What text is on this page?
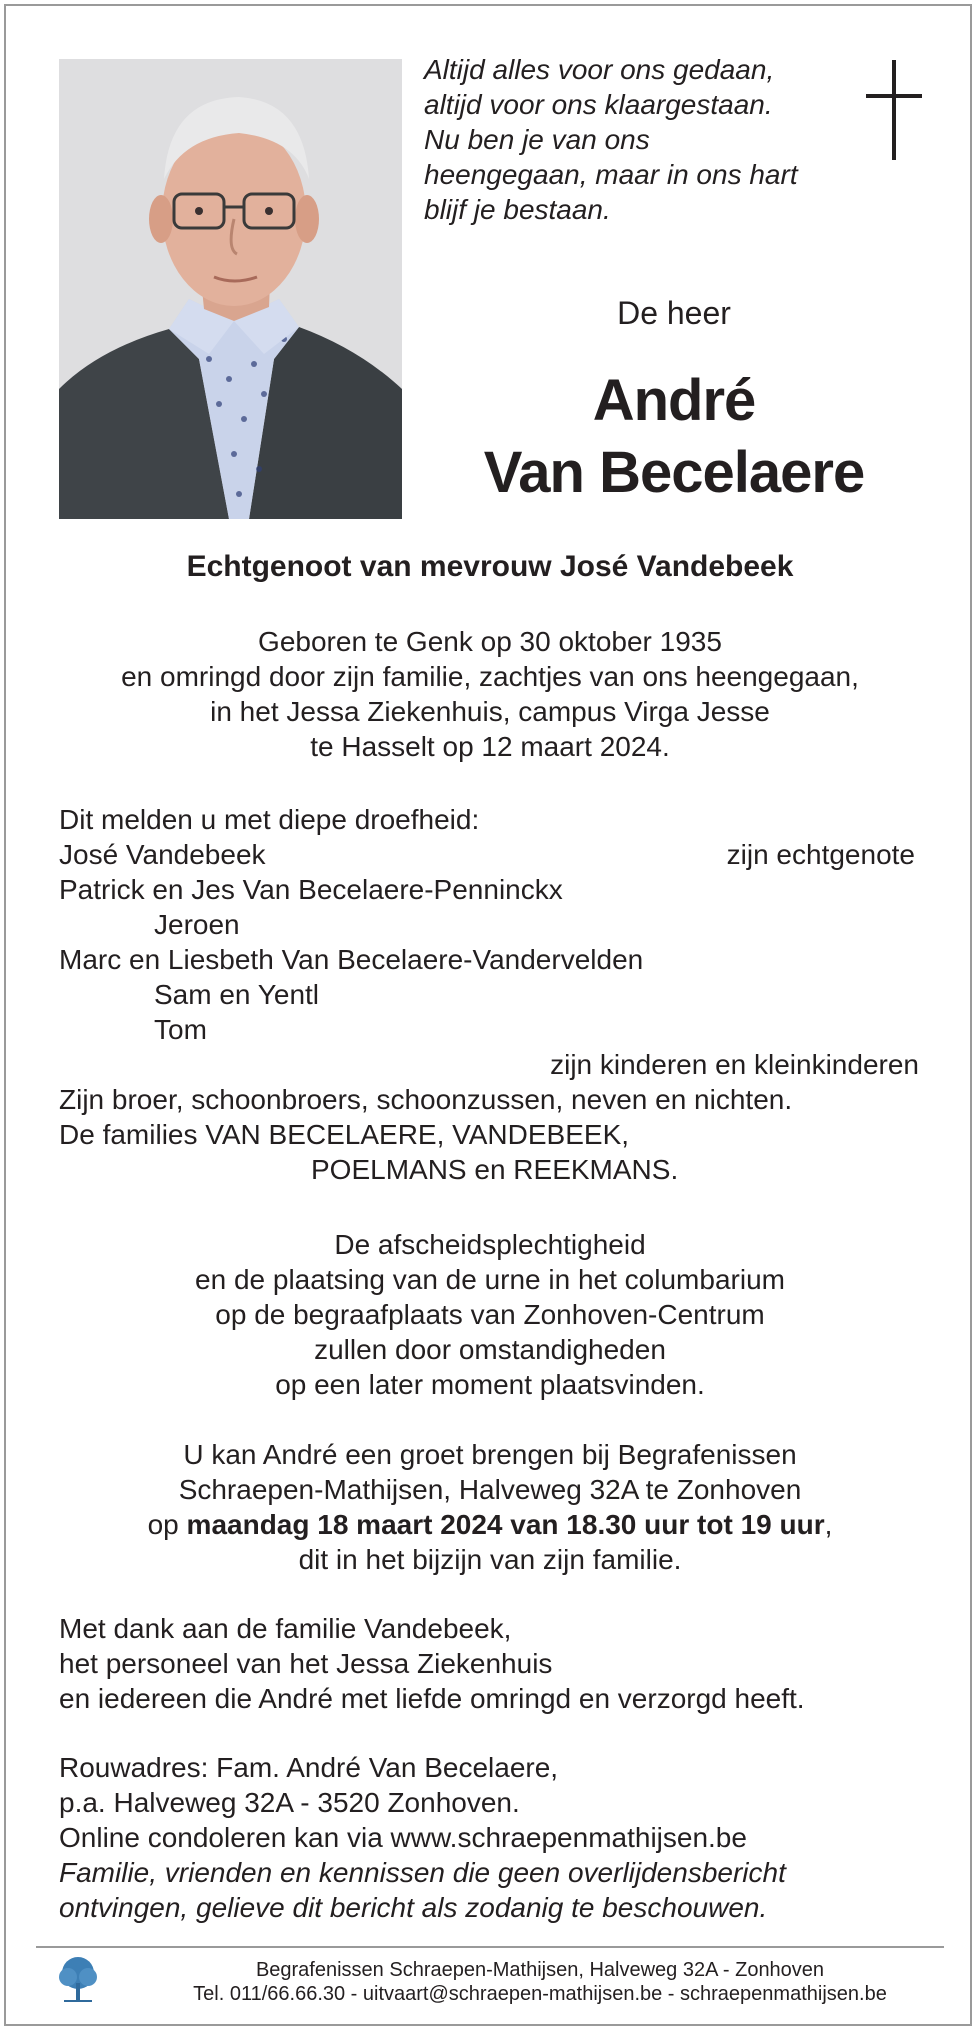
Altijd alles voor ons gedaan,
altijd voor ons klaargestaan.
Nu ben je van ons
heengegaan, maar in ons hart
blijf je bestaan.

De heer
André
Van Becelaere
Echtgenoot van mevrouw José Vandebeek
Geboren te Genk op 30 oktober 1935
en omringd door zijn familie, zachtjes van ons heengegaan,
in het Jessa Ziekenhuis, campus Virga Jesse
te Hasselt op 12 maart 2024.
Dit melden u met diepe droefheid:
José Vandebeek	zijn echtgenote
Patrick en Jes Van Becelaere-Penninckx
Jeroen
Marc en Liesbeth Van Becelaere-Vandervelden
Sam en Yentl
Tom
zijn kinderen en kleinkinderen
Zijn broer, schoonbroers, schoonzussen, neven en nichten.
De families VAN BECELAERE, VANDEBEEK,
POELMANS en REEKMANS.
De afscheidsplechtigheid
en de plaatsing van de urne in het columbarium
op de begraafplaats van Zonhoven-Centrum
zullen door omstandigheden
op een later moment plaatsvinden.
U kan André een groet brengen bij Begrafenissen
Schraepen-Mathijsen, Halveweg 32A te Zonhoven
op maandag 18 maart 2024 van 18.30 uur tot 19 uur,
dit in het bijzijn van zijn familie.
Met dank aan de familie Vandebeek,
het personeel van het Jessa Ziekenhuis
en iedereen die André met liefde omringd en verzorgd heeft.
Rouwadres: Fam. André Van Becelaere,
p.a. Halveweg 32A - 3520 Zonhoven.
Online condoleren kan via www.schraepenmathijsen.be
Familie, vrienden en kennissen die geen overlijdensbericht
ontvingen, gelieve dit bericht als zodanig te beschouwen.
Begrafenissen Schraepen-Mathijsen, Halveweg 32A - Zonhoven
Tel. 011/66.66.30 - uitvaart@schraepen-mathijsen.be - schraepenmathijsen.be
